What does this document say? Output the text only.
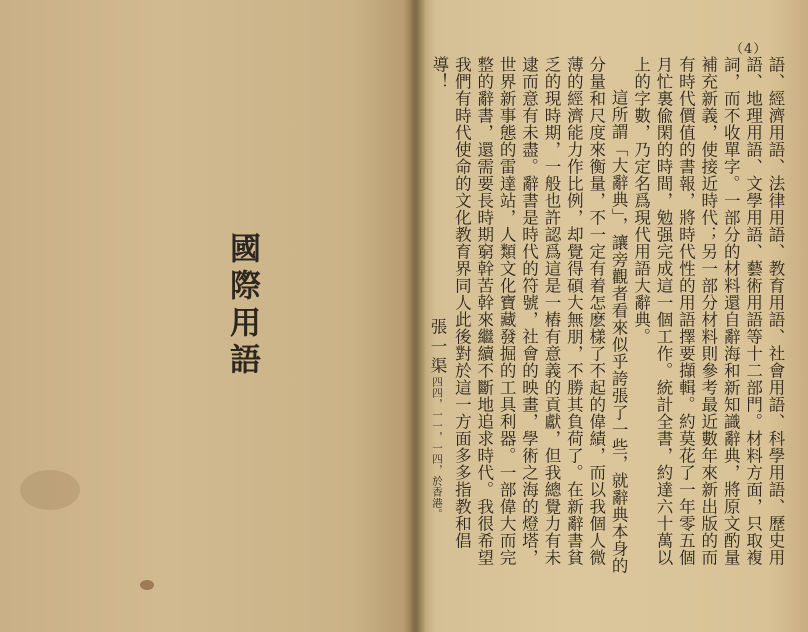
國際用語
（4）

語、經濟用語、法律用語、教育用語、社會用語、科學用語、歷史用語、地理用語、文學用語、藝術用語等十二部門。材料方面，只取複詞，而不收單字。一部分的材料還自辭海和新知識辭典，將原文酌量補充新義，使接近時代；另一部分材料則參考最近數年來新出版的而有時代價值的書報，將時代性的用語擇要擷輯。約莫花了一年零五個月忙裏偸閑的時間，勉强完成這一個工作。統計全書，約達六十萬以上的字數，乃定名爲現代用語大辭典。

這所謂「大辭典」，讓旁觀者看來似乎誇張了一些，就辭典本身的分量和尺度來衡量，不一定有着怎麽樣了不起的偉績，而以我個人微薄的經濟能力作比例，却覺得碩大無朋，不勝其負荷了。在新辭書貧乏的現時期，一般也許認爲這是一樁有意義的貢獻，但我總覺力有未逮而意有未盡。辭書是時代的符號，社會的映畫，學術之海的燈塔，世界新事態的雷達站，人類文化寶藏發掘的工具利器。一部偉大而完整的辭書，還需要長時期窮幹苦幹來繼續不斷地追求時代。我很希望我們有時代使命的文化教育界同人此後對於這一方面多多指教和倡導！

張一渠四四，一一，一四，於香港。
